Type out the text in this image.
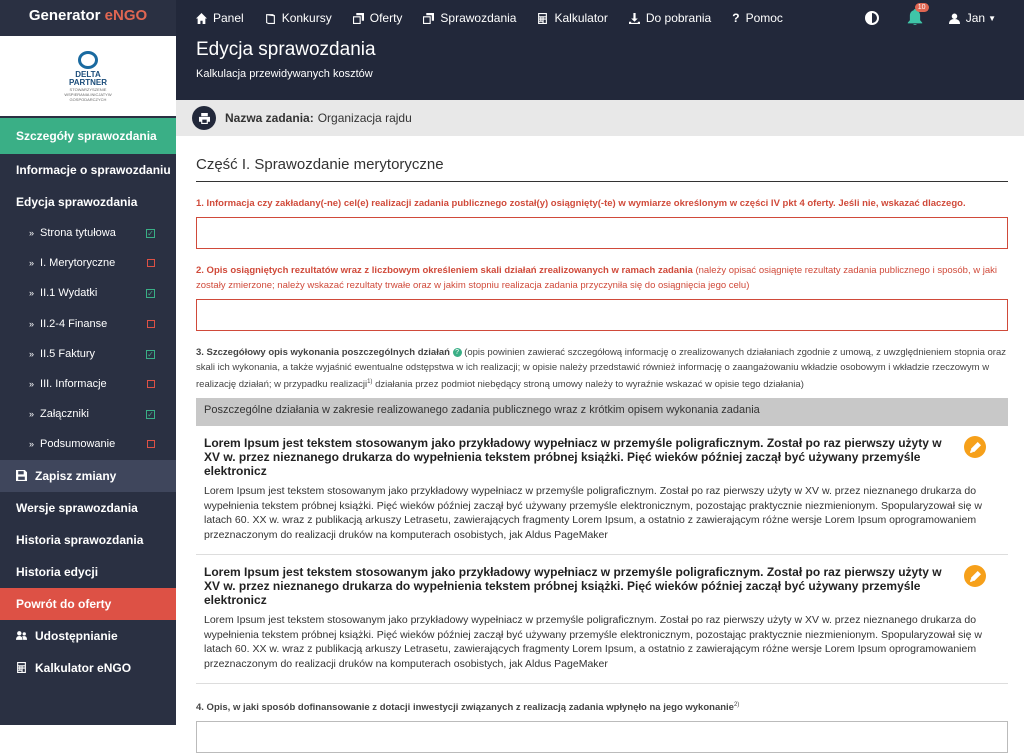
Generator eNGO	Panel	Konkursy	Oferty	Sprawozdania	Kalkulator	Do pobrania ? Pomoc
10
Jan ▼
DELTA
PARTNER
STOWARZYSZENIE WSPIERANIA INICJATYW GOSPODARCZYCH
Szczegóły sprawozdania
Informacje o sprawozdaniu
Edycja sprawozdania
» Strona tytułowa	✓
» I. Merytoryczne
» II.1 Wydatki	✓
» II.2-4 Finanse
» II.5 Faktury	✓
» III. Informacje
» Załączniki	✓
» Podsumowanie
Zapisz zmiany
Wersje sprawozdania
Historia sprawozdania
Historia edycji
Powrót do oferty
Udostępnianie
Kalkulator eNGO
Edycja sprawozdania
Kalkulacja przewidywanych kosztów
Nazwa zadania: Organizacja rajdu
Część I. Sprawozdanie merytoryczne
1. Informacja czy zakładany(-ne) cel(e) realizacji zadania publicznego został(y) osiągnięty(-te) w wymiarze określonym w części IV pkt 4 oferty. Jeśli nie, wskazać dlaczego.
2. Opis osiągniętych rezultatów wraz z liczbowym określeniem skali działań zrealizowanych w ramach zadania (należy opisać osiągnięte rezultaty zadania publicznego i sposób, w jaki zostały zmierzone; należy wskazać rezultaty trwałe oraz w jakim stopniu realizacja zadania przyczyniła się do osiągnięcia jego celu)
3. Szczegółowy opis wykonania poszczególnych działań ? (opis powinien zawierać szczegółową informację o zrealizowanych działaniach zgodnie z umową, z uwzględnieniem stopnia oraz skali ich wykonania, a także wyjaśnić ewentualne odstępstwa w ich realizacji; w opisie należy przedstawić również informację o zaangażowaniu wkładzie osobowym i wkładzie rzeczowym w realizację działań; w przypadku realizacji$^{1)}$ działania przez podmiot niebędący stroną umowy należy to wyraźnie wskazać w opisie tego działania)
Poszczególne działania w zakresie realizowanego zadania publicznego wraz z krótkim opisem wykonania zadania
Lorem Ipsum jest tekstem stosowanym jako przykładowy wypełniacz w przemyśle poligraficznym. Został po raz pierwszy użyty w XV w. przez nieznanego drukarza do wypełnienia tekstem próbnej książki. Pięć wieków później zaczął być używany przemyśle elektronicz
Lorem Ipsum jest tekstem stosowanym jako przykładowy wypełniacz w przemyśle poligraficznym. Został po raz pierwszy użyty w XV w. przez nieznanego drukarza do wypełnienia tekstem próbnej książki. Pięć wieków później zaczął być używany przemyśle elektronicznym, pozostając praktycznie niezmienionym. Spopularyzował się w latach 60. XX w. wraz z publikacją arkuszy Letrasetu, zawierających fragmenty Lorem Ipsum, a ostatnio z zawierającym różne wersje Lorem Ipsum oprogramowaniem przeznaczonym do realizacji druków na komputerach osobistych, jak Aldus PageMaker
Lorem Ipsum jest tekstem stosowanym jako przykładowy wypełniacz w przemyśle poligraficznym. Został po raz pierwszy użyty w XV w. przez nieznanego drukarza do wypełnienia tekstem próbnej książki. Pięć wieków później zaczął być używany przemyśle elektronicz
Lorem Ipsum jest tekstem stosowanym jako przykładowy wypełniacz w przemyśle poligraficznym. Został po raz pierwszy użyty w XV w. przez nieznanego drukarza do wypełnienia tekstem próbnej książki. Pięć wieków później zaczął być używany przemyśle elektronicznym, pozostając praktycznie niezmienionym. Spopularyzował się w latach 60. XX w. wraz z publikacją arkuszy Letrasetu, zawierających fragmenty Lorem Ipsum, a ostatnio z zawierającym różne wersje Lorem Ipsum oprogramowaniem przeznaczonym do realizacji druków na komputerach osobistych, jak Aldus PageMaker
4. Opis, w jaki sposób dofinansowanie z dotacji inwestycji związanych z realizacją zadania wpłynęło na jego wykonanie$^{2)}$
